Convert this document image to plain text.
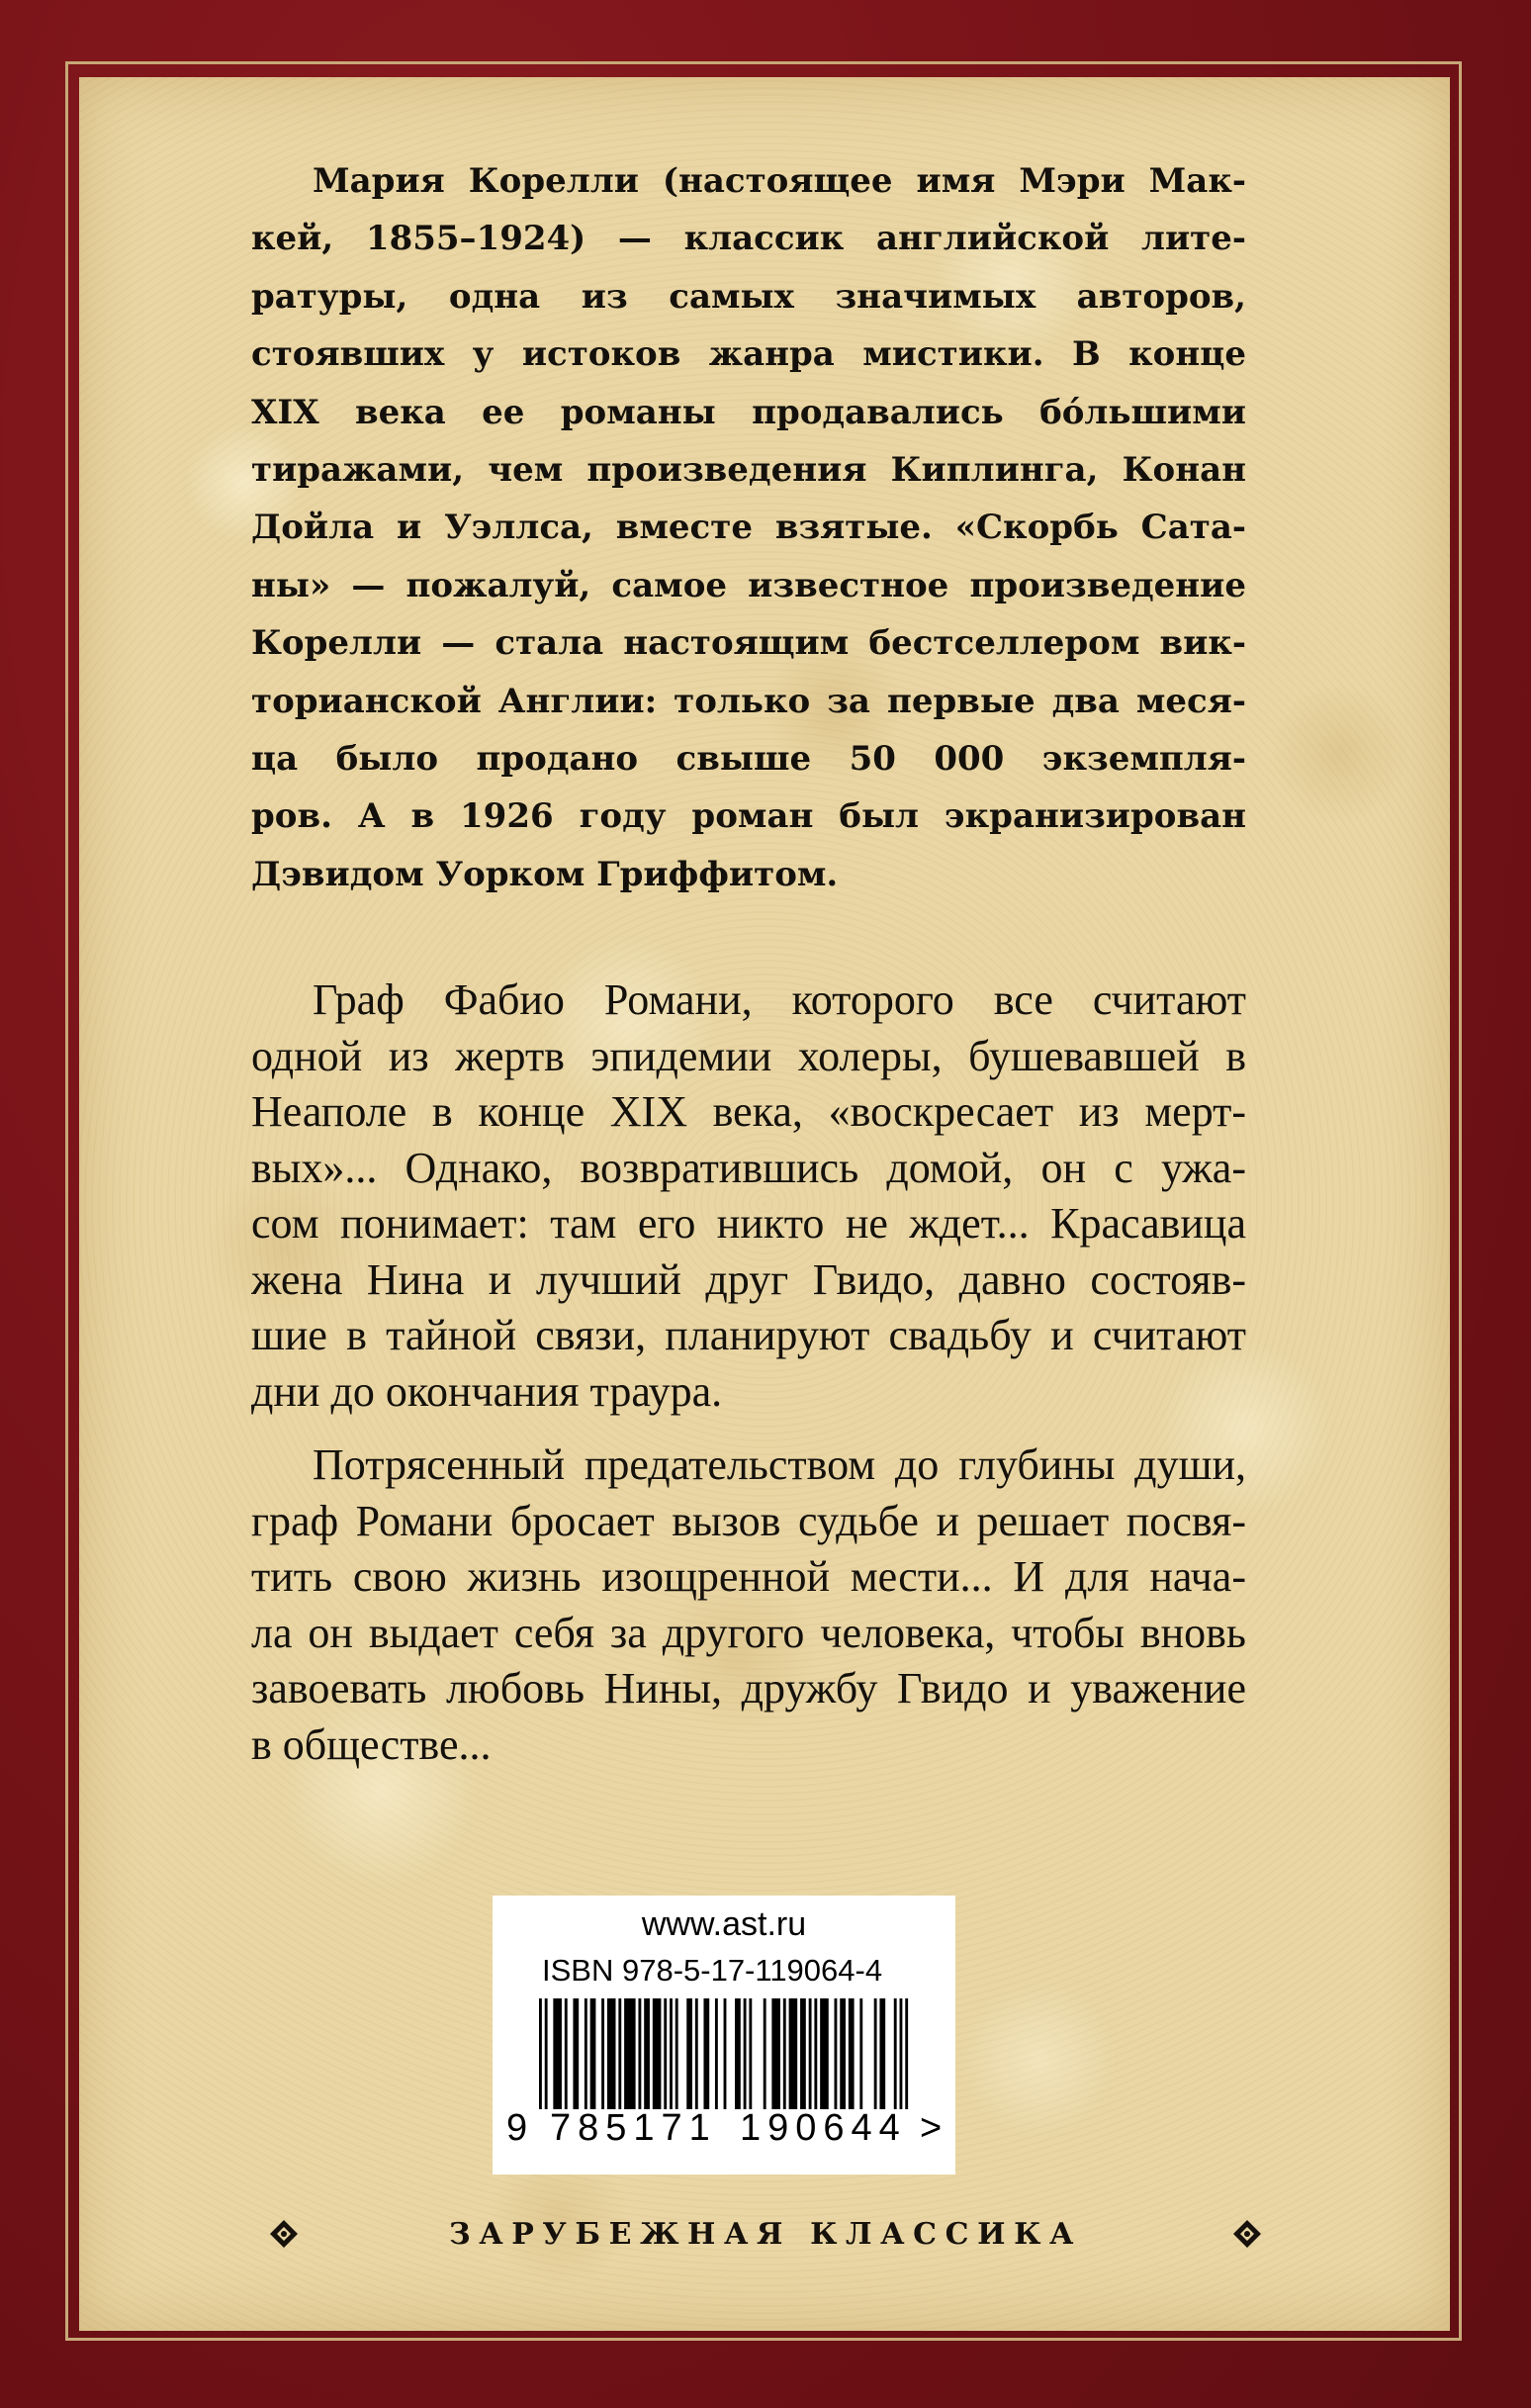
Мария Корелли (настоящее имя Мэри Мак-
кей, 1855–1924) — классик английской лите-
ратуры, одна из самых значимых авторов,
стоявших у истоков жанра мистики. В конце
XIX века ее романы продавались бóльшими
тиражами, чем произведения Киплинга, Конан
Дойла и Уэллса, вместе взятые. «Скорбь Сата-
ны» — пожалуй, самое известное произведение
Корелли — стала настоящим бестселлером вик-
торианской Англии: только за первые два меся-
ца было продано свыше 50 000 экземпля-
ров. А в 1926 году роман был экранизирован
Дэвидом Уорком Гриффитом.
Граф Фабио Романи, которого все считают
одной из жертв эпидемии холеры, бушевавшей в
Неаполе в конце XIX века, «воскресает из мерт-
вых»... Однако, возвратившись домой, он с ужа-
сом понимает: там его никто не ждет... Красавица
жена Нина и лучший друг Гвидо, давно состояв-
шие в тайной связи, планируют свадьбу и считают
дни до окончания траура.
Потрясенный предательством до глубины души,
граф Романи бросает вызов судьбе и решает посвя-
тить свою жизнь изощренной мести... И для нача-
ла он выдает себя за другого человека, чтобы вновь
завоевать любовь Нины, дружбу Гвидо и уважение
в обществе...
www.ast.ru
ISBN 978-5-17-119064-4
9 785171 190644 >
ЗАРУБЕЖНАЯ КЛАССИКА
